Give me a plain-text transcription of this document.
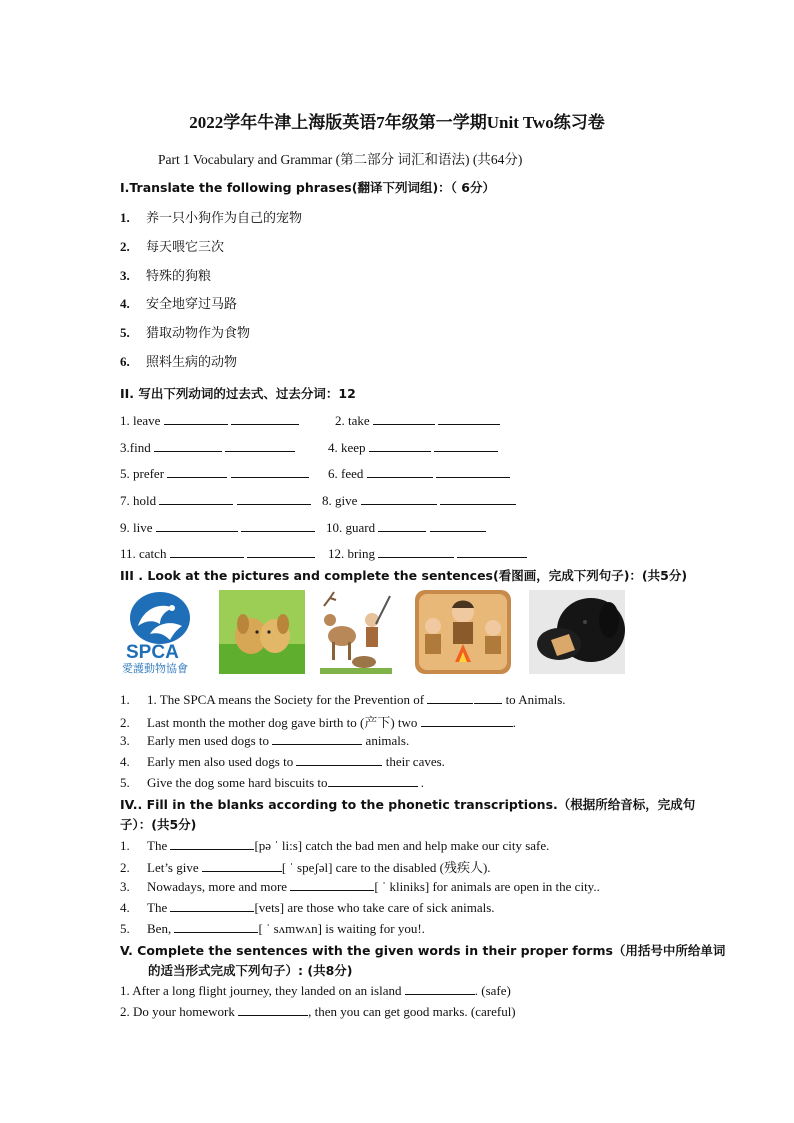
2022学年牛津上海版英语7年级第一学期Unit Two练习卷
Part 1 Vocabulary and Grammar (第二部分 词汇和语法) (共64分)
I.Translate the following phrases(翻译下列词组)：（ 6分）
1. 养一只小狗作为自己的宠物
2. 每天喂它三次
3. 特殊的狗粮
4. 安全地穿过马路
5. 猎取动物作为食物
6. 照料生病的动物
II. 写出下列动词的过去式、过去分词：12
1. leave	2. take
3.find	4. keep
5. prefer	6. feed
7. hold	8. give
9. live	10. guard
11. catch	12. bring
III . Look at the pictures and complete the sentences(看图画，完成下列句子)：(共5分)
SPCA
愛護動物協會
1. 1. The SPCA means the Society for the Prevention of	to Animals.
2. Last month the mother dog gave birth to (产下) two	.
3. Early men used dogs to	animals.
4. Early men also used dogs to	their caves.
5. Give the dog some hard biscuits to	.
IV.. Fill in the blanks according to the phonetic transcriptions.（根据所给音标，完成句
子）：(共5分)
1. The	[pə ˈ li:s] catch the bad men and help make our city safe.
2. Let’s give	[ ˈ speʃəl] care to the disabled (残疾人).
3. Nowadays, more and more	[ ˈ kliniks] for animals are open in the city..
4. The	[vets] are those who take care of sick animals.
5. Ben,	[ ˈ sʌmwʌn] is waiting for you!.
V. Complete the sentences with the given words in their proper forms（用括号中所给单词
的适当形式完成下列句子）: (共8分)
1. After a long flight journey, they landed on an island	. (safe)
2. Do your homework	, then you can get good marks. (careful)
